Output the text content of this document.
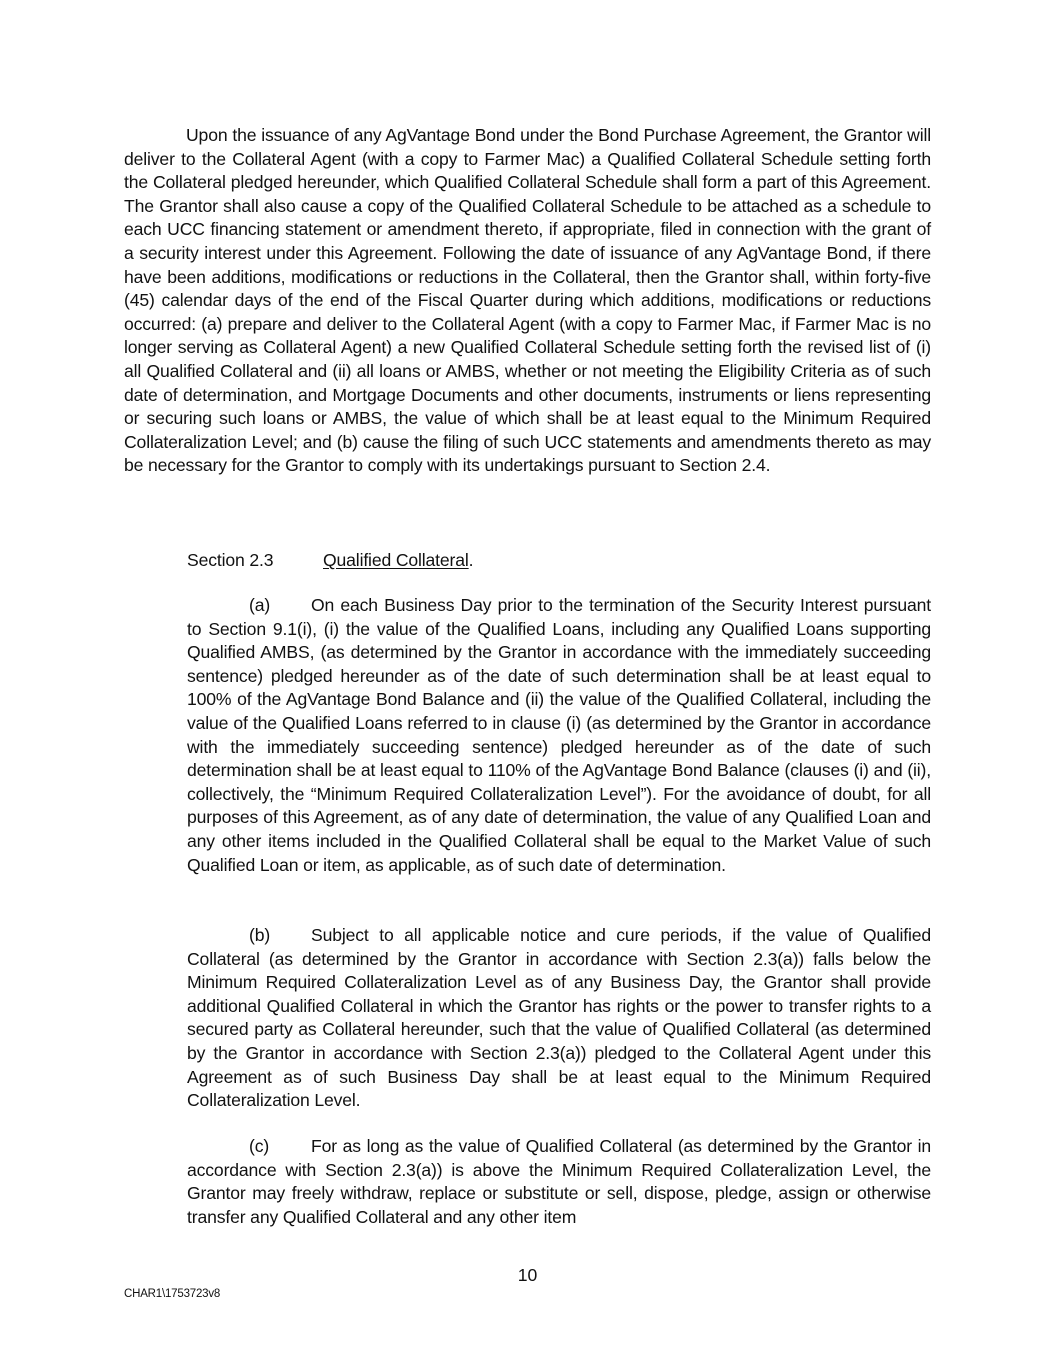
Upon the issuance of any AgVantage Bond under the Bond Purchase Agreement, the Grantor will deliver to the Collateral Agent (with a copy to Farmer Mac) a Qualified Collateral Schedule setting forth the Collateral pledged hereunder, which Qualified Collateral Schedule shall form a part of this Agreement. The Grantor shall also cause a copy of the Qualified Collateral Schedule to be attached as a schedule to each UCC financing statement or amendment thereto, if appropriate, filed in connection with the grant of a security interest under this Agreement. Following the date of issuance of any AgVantage Bond, if there have been additions, modifications or reductions in the Collateral, then the Grantor shall, within forty-five (45) calendar days of the end of the Fiscal Quarter during which additions, modifications or reductions occurred: (a) prepare and deliver to the Collateral Agent (with a copy to Farmer Mac, if Farmer Mac is no longer serving as Collateral Agent) a new Qualified Collateral Schedule setting forth the revised list of (i) all Qualified Collateral and (ii) all loans or AMBS, whether or not meeting the Eligibility Criteria as of such date of determination, and Mortgage Documents and other documents, instruments or liens representing or securing such loans or AMBS, the value of which shall be at least equal to the Minimum Required Collateralization Level; and (b) cause the filing of such UCC statements and amendments thereto as may be necessary for the Grantor to comply with its undertakings pursuant to Section 2.4.

Section 2.3	Qualified Collateral.

(a) On each Business Day prior to the termination of the Security Interest pursuant to Section 9.1(i), (i) the value of the Qualified Loans, including any Qualified Loans supporting Qualified AMBS, (as determined by the Grantor in accordance with the immediately succeeding sentence) pledged hereunder as of the date of such determination shall be at least equal to 100% of the AgVantage Bond Balance and (ii) the value of the Qualified Collateral, including the value of the Qualified Loans referred to in clause (i) (as determined by the Grantor in accordance with the immediately succeeding sentence) pledged hereunder as of the date of such determination shall be at least equal to 110% of the AgVantage Bond Balance (clauses (i) and (ii), collectively, the “Minimum Required Collateralization Level”). For the avoidance of doubt, for all purposes of this Agreement, as of any date of determination, the value of any Qualified Loan and any other items included in the Qualified Collateral shall be equal to the Market Value of such Qualified Loan or item, as applicable, as of such date of determination.

(b) Subject to all applicable notice and cure periods, if the value of Qualified Collateral (as determined by the Grantor in accordance with Section 2.3(a)) falls below the Minimum Required Collateralization Level as of any Business Day, the Grantor shall provide additional Qualified Collateral in which the Grantor has rights or the power to transfer rights to a secured party as Collateral hereunder, such that the value of Qualified Collateral (as determined by the Grantor in accordance with Section 2.3(a)) pledged to the Collateral Agent under this Agreement as of such Business Day shall be at least equal to the Minimum Required Collateralization Level.

(c) For as long as the value of Qualified Collateral (as determined by the Grantor in accordance with Section 2.3(a)) is above the Minimum Required Collateralization Level, the Grantor may freely withdraw, replace or substitute or sell, dispose, pledge, assign or otherwise transfer any Qualified Collateral and any other item

10
CHAR1\1753723v8
